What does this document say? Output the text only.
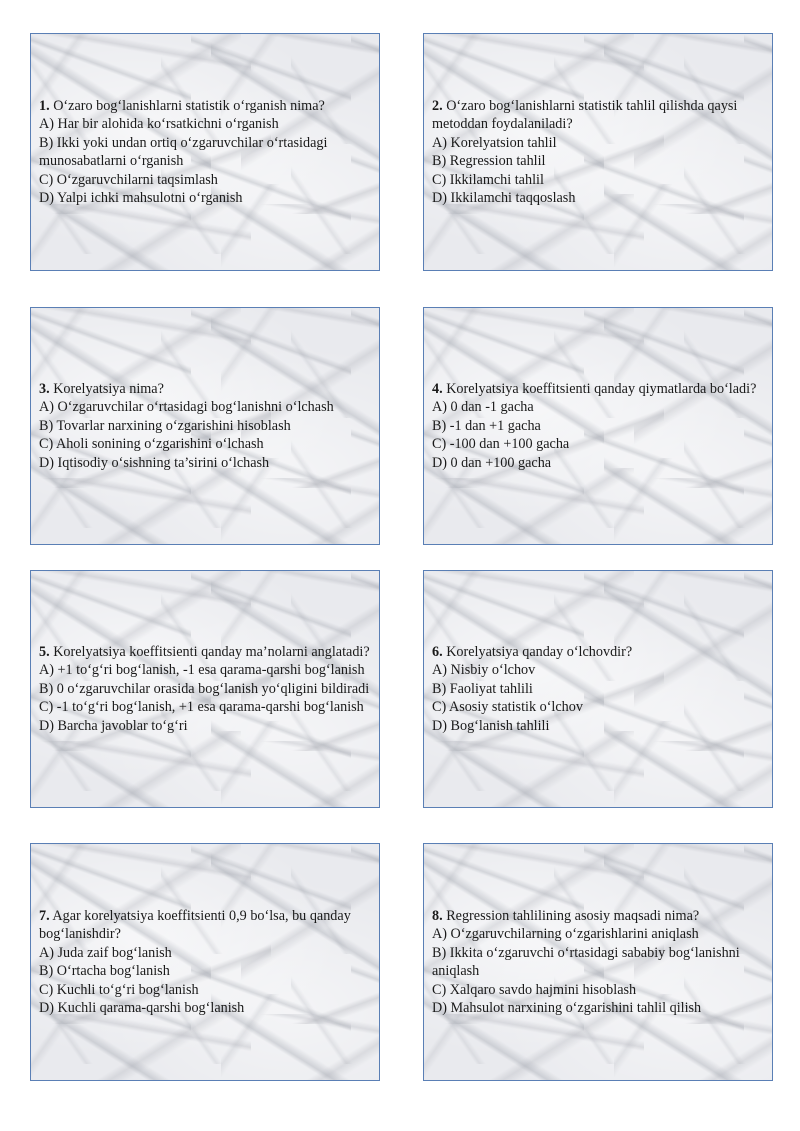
1. O‘zaro bog‘lanishlarni statistik o‘rganish nima?
A) Har bir alohida ko‘rsatkichni o‘rganish
B) Ikki yoki undan ortiq o‘zgaruvchilar o‘rtasidagi munosabatlarni o‘rganish
C) O‘zgaruvchilarni taqsimlash
D) Yalpi ichki mahsulotni o‘rganish
2. O‘zaro bog‘lanishlarni statistik tahlil qilishda qaysi metoddan foydalaniladi?
A) Korelyatsion tahlil
B) Regression tahlil
C) Ikkilamchi tahlil
D) Ikkilamchi taqqoslash
3. Korelyatsiya nima?
A) O‘zgaruvchilar o‘rtasidagi bog‘lanishni o‘lchash
B) Tovarlar narxining o‘zgarishini hisoblash
C) Aholi sonining o‘zgarishini o‘lchash
D) Iqtisodiy o‘sishning ta’sirini o‘lchash
4. Korelyatsiya koeffitsienti qanday qiymatlarda bo‘ladi?
A) 0 dan -1 gacha
B) -1 dan +1 gacha
C) -100 dan +100 gacha
D) 0 dan +100 gacha
5. Korelyatsiya koeffitsienti qanday ma’nolarni anglatadi?
A) +1 to‘g‘ri bog‘lanish, -1 esa qarama-qarshi bog‘lanish
B) 0 o‘zgaruvchilar orasida bog‘lanish yo‘qligini bildiradi
C) -1 to‘g‘ri bog‘lanish, +1 esa qarama-qarshi bog‘lanish
D) Barcha javoblar to‘g‘ri
6. Korelyatsiya qanday o‘lchovdir?
A) Nisbiy o‘lchov
B) Faoliyat tahlili
C) Asosiy statistik o‘lchov
D) Bog‘lanish tahlili
7. Agar korelyatsiya koeffitsienti 0,9 bo‘lsa, bu qanday bog‘lanishdir?
A) Juda zaif bog‘lanish
B) O‘rtacha bog‘lanish
C) Kuchli to‘g‘ri bog‘lanish
D) Kuchli qarama-qarshi bog‘lanish
8. Regression tahlilining asosiy maqsadi nima?
A) O‘zgaruvchilarning o‘zgarishlarini aniqlash
B) Ikkita o‘zgaruvchi o‘rtasidagi sababiy bog‘lanishni aniqlash
C) Xalqaro savdo hajmini hisoblash
D) Mahsulot narxining o‘zgarishini tahlil qilish
